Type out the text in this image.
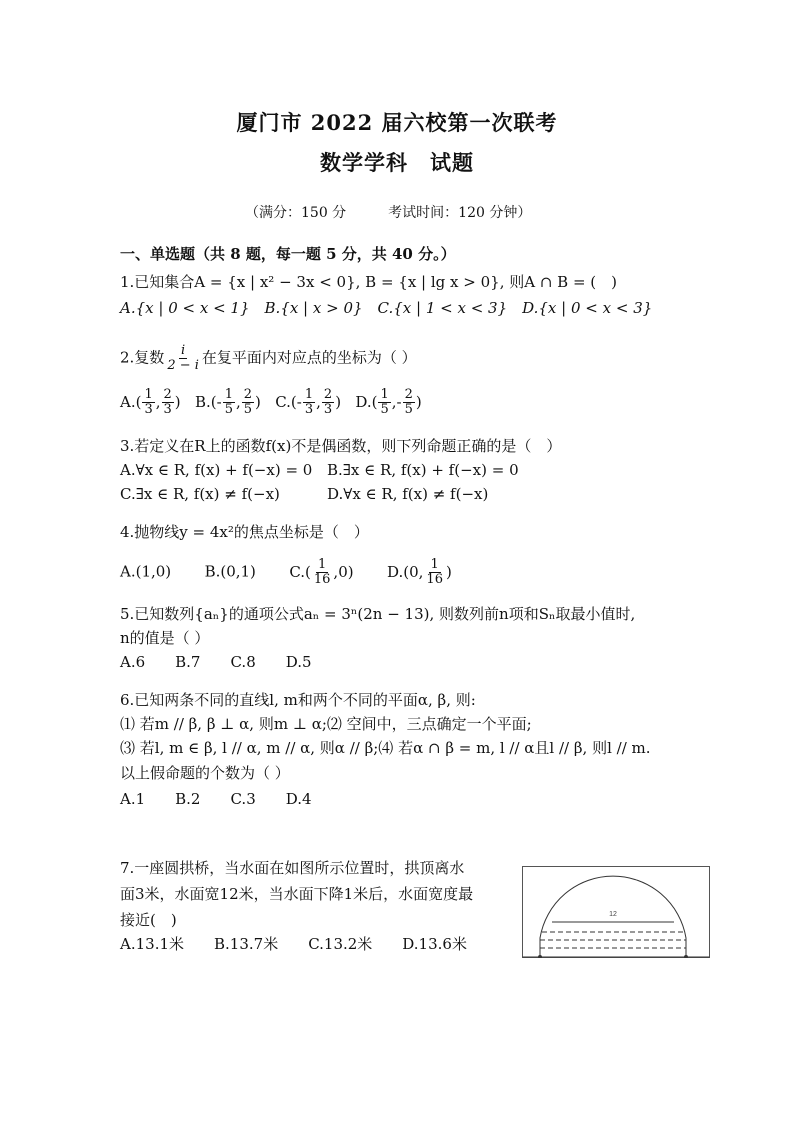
厦门市 2022 届六校第一次联考
数学学科　试题
（满分：150 分　　　考试时间：120 分钟）
一、单选题（共 8 题，每一题 5 分，共 40 分。）
1.已知集合A = {x | x² − 3x < 0}, B = {x | lg x > 0}, 则A ∩ B = (　)
A.{x | 0 < x < 1}　B.{x | x > 0}　C.{x | 1 < x < 3}　D.{x | 0 < x < 3}
2.复数 $\frac{i}{2 - i}$ 在复平面内对应点的坐标为（ ）
$A.( \frac{1}{3}$ , $\frac{2}{3}$ ) $B.(- \frac{1}{5}$ , $\frac{2}{5}$ ) $C.(- \frac{1}{3}$ , $\frac{2}{3}$ ) $D.( \frac{1}{5}$ ,- $\frac{2}{5}$ )
3.若定义在R上的函数f(x)不是偶函数，则下列命题正确的是（　）
A.∀x ∈ R, f(x) + f(−x) = 0 B.∃x ∈ R, f(x) + f(−x) = 0
C.∃x ∈ R, f(x) ≠ f(−x)	D.∀x ∈ R, f(x) ≠ f(−x)
4.抛物线y = 4x²的焦点坐标是（　）
A.(1,0) B.(0,1) $C.( \frac{1}{16} ,0)$ D.(0, $\frac{1}{16}$ )
5.已知数列{aₙ}的通项公式aₙ = 3ⁿ(2n − 13), 则数列前n项和Sₙ取最小值时,
n的值是（ ）
A.6　　B.7　　C.8　　D.5
6.已知两条不同的直线l, m和两个不同的平面α, β, 则:
⑴ 若m // β, β ⊥ α, 则m ⊥ α;⑵ 空间中，三点确定一个平面;
⑶ 若l, m ∈ β, l // α, m // α, 则α // β;⑷ 若α ∩ β = m, l // α且l // β, 则l // m.
以上假命题的个数为（ ）
A.1　　B.2　　C.3　　D.4
7.一座圆拱桥，当水面在如图所示位置时，拱顶离水
面3米，水面宽12米，当水面下降1米后，水面宽度最
接近(　)
A.13.1米　　B.13.7米　　C.13.2米　　D.13.6米
12
